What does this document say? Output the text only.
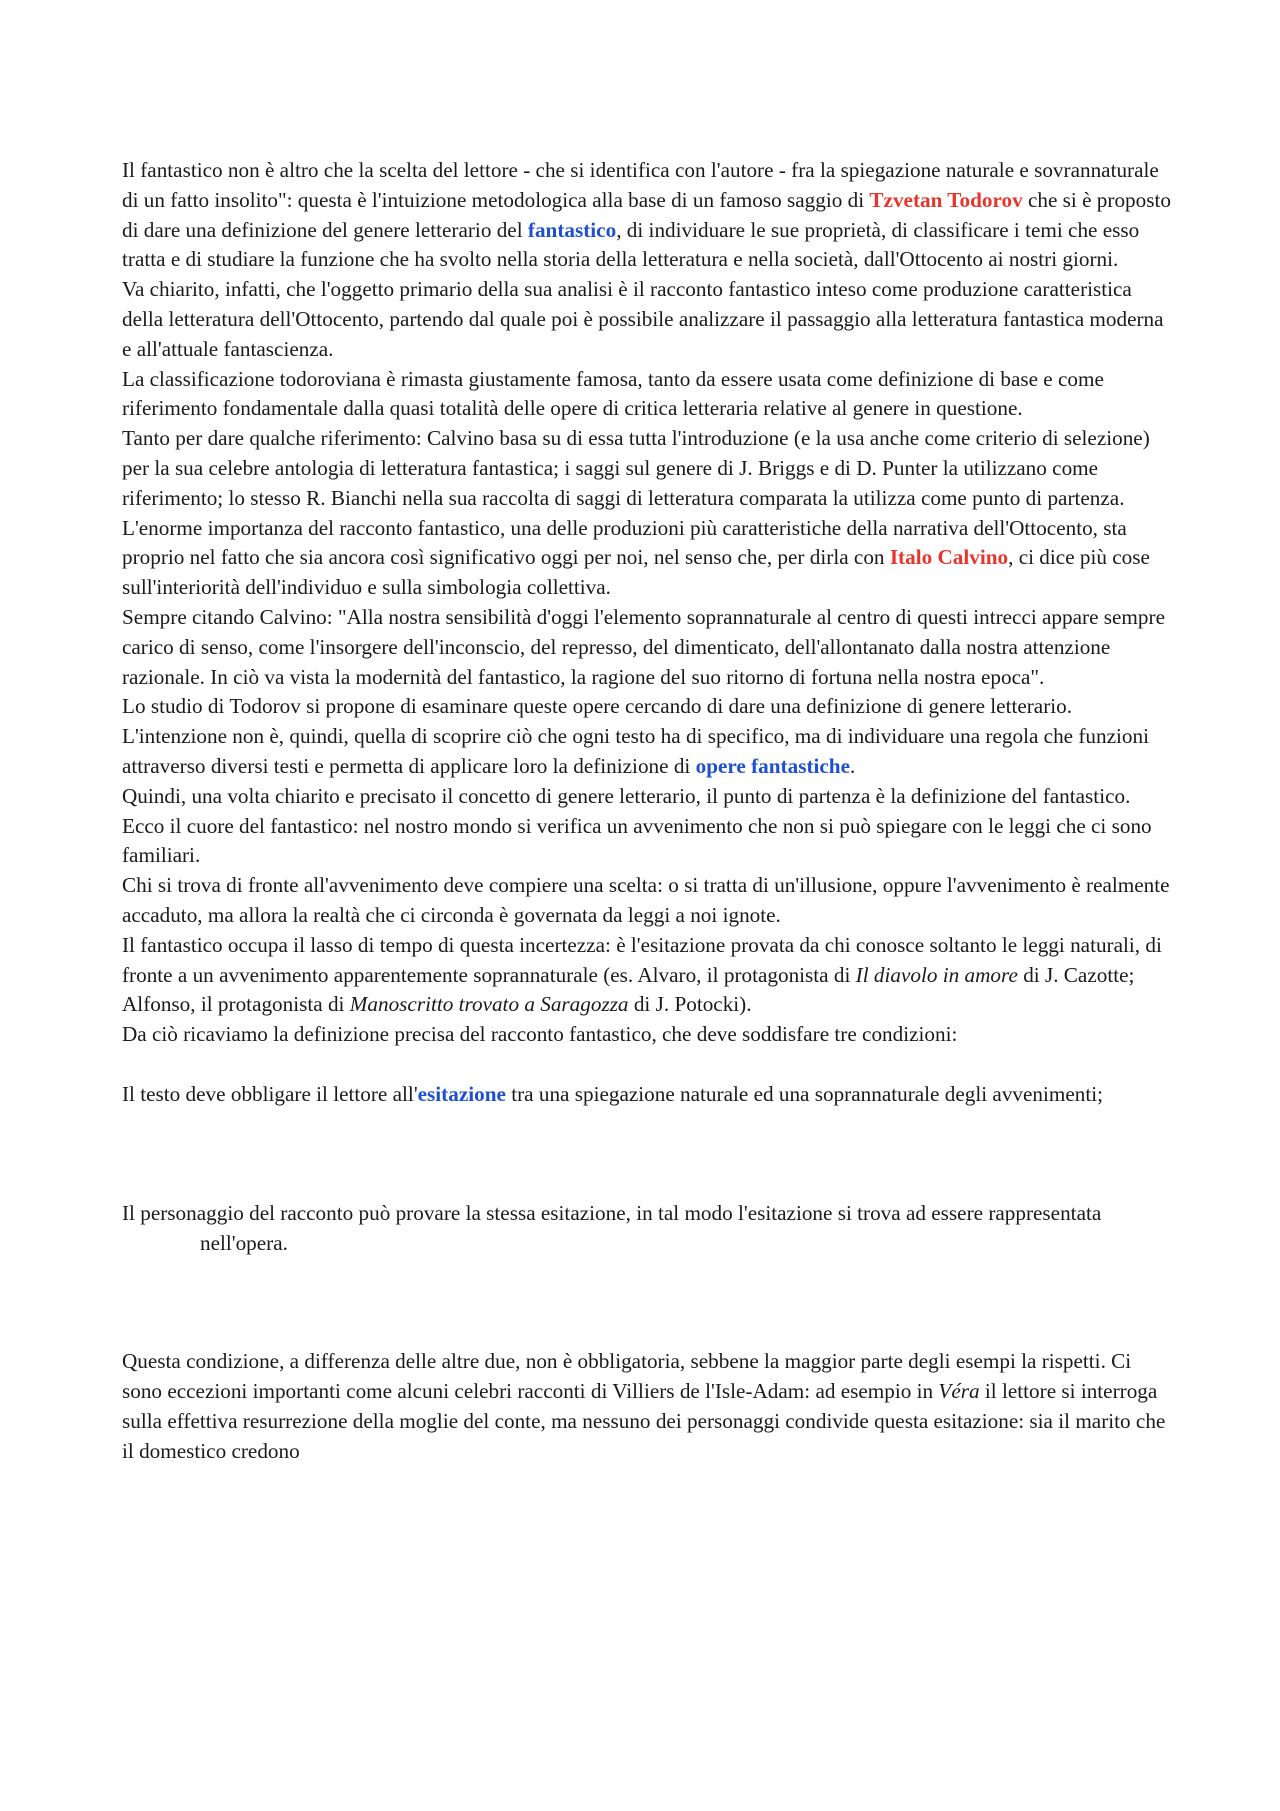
Il fantastico non è altro che la scelta del lettore - che si identifica con l'autore - fra la spiegazione naturale e sovrannaturale di un fatto insolito": questa è l'intuizione metodologica alla base di un famoso saggio di Tzvetan Todorov che si è proposto di dare una definizione del genere letterario del fantastico, di individuare le sue proprietà, di classificare i temi che esso tratta e di studiare la funzione che ha svolto nella storia della letteratura e nella società, dall'Ottocento ai nostri giorni.

Va chiarito, infatti, che l'oggetto primario della sua analisi è il racconto fantastico inteso come produzione caratteristica della letteratura dell'Ottocento, partendo dal quale poi è possibile analizzare il passaggio alla letteratura fantastica moderna e all'attuale fantascienza.

La classificazione todoroviana è rimasta giustamente famosa, tanto da essere usata come definizione di base e come riferimento fondamentale dalla quasi totalità delle opere di critica letteraria relative al genere in questione.

Tanto per dare qualche riferimento: Calvino basa su di essa tutta l'introduzione (e la usa anche come criterio di selezione) per la sua celebre antologia di letteratura fantastica; i saggi sul genere di J. Briggs e di D. Punter la utilizzano come riferimento; lo stesso R. Bianchi nella sua raccolta di saggi di letteratura comparata la utilizza come punto di partenza.

L'enorme importanza del racconto fantastico, una delle produzioni più caratteristiche della narrativa dell'Ottocento, sta proprio nel fatto che sia ancora così significativo oggi per noi, nel senso che, per dirla con Italo Calvino, ci dice più cose sull'interiorità dell'individuo e sulla simbologia collettiva.

Sempre citando Calvino: "Alla nostra sensibilità d'oggi l'elemento soprannaturale al centro di questi intrecci appare sempre carico di senso, come l'insorgere dell'inconscio, del represso, del dimenticato, dell'allontanato dalla nostra attenzione razionale. In ciò va vista la modernità del fantastico, la ragione del suo ritorno di fortuna nella nostra epoca".

Lo studio di Todorov si propone di esaminare queste opere cercando di dare una definizione di genere letterario. L'intenzione non è, quindi, quella di scoprire ciò che ogni testo ha di specifico, ma di individuare una regola che funzioni attraverso diversi testi e permetta di applicare loro la definizione di opere fantastiche.

Quindi, una volta chiarito e precisato il concetto di genere letterario, il punto di partenza è la definizione del fantastico.

Ecco il cuore del fantastico: nel nostro mondo si verifica un avvenimento che non si può spiegare con le leggi che ci sono familiari.

Chi si trova di fronte all'avvenimento deve compiere una scelta: o si tratta di un'illusione, oppure l'avvenimento è realmente accaduto, ma allora la realtà che ci circonda è governata da leggi a noi ignote.

Il fantastico occupa il lasso di tempo di questa incertezza: è l'esitazione provata da chi conosce soltanto le leggi naturali, di fronte a un avvenimento apparentemente soprannaturale (es. Alvaro, il protagonista di Il diavolo in amore di J. Cazotte; Alfonso, il protagonista di Manoscritto trovato a Saragozza di J. Potocki).

Da ciò ricaviamo la definizione precisa del racconto fantastico, che deve soddisfare tre condizioni:

Il testo deve obbligare il lettore all'esitazione tra una spiegazione naturale ed una soprannaturale degli avvenimenti;

Il personaggio del racconto può provare la stessa esitazione, in tal modo l'esitazione si trova ad essere rappresentata nell'opera.

Questa condizione, a differenza delle altre due, non è obbligatoria, sebbene la maggior parte degli esempi la rispetti. Ci sono eccezioni importanti come alcuni celebri racconti di Villiers de l'Isle-Adam: ad esempio in Véra il lettore si interroga sulla effettiva resurrezione della moglie del conte, ma nessuno dei personaggi condivide questa esitazione: sia il marito che il domestico credono
